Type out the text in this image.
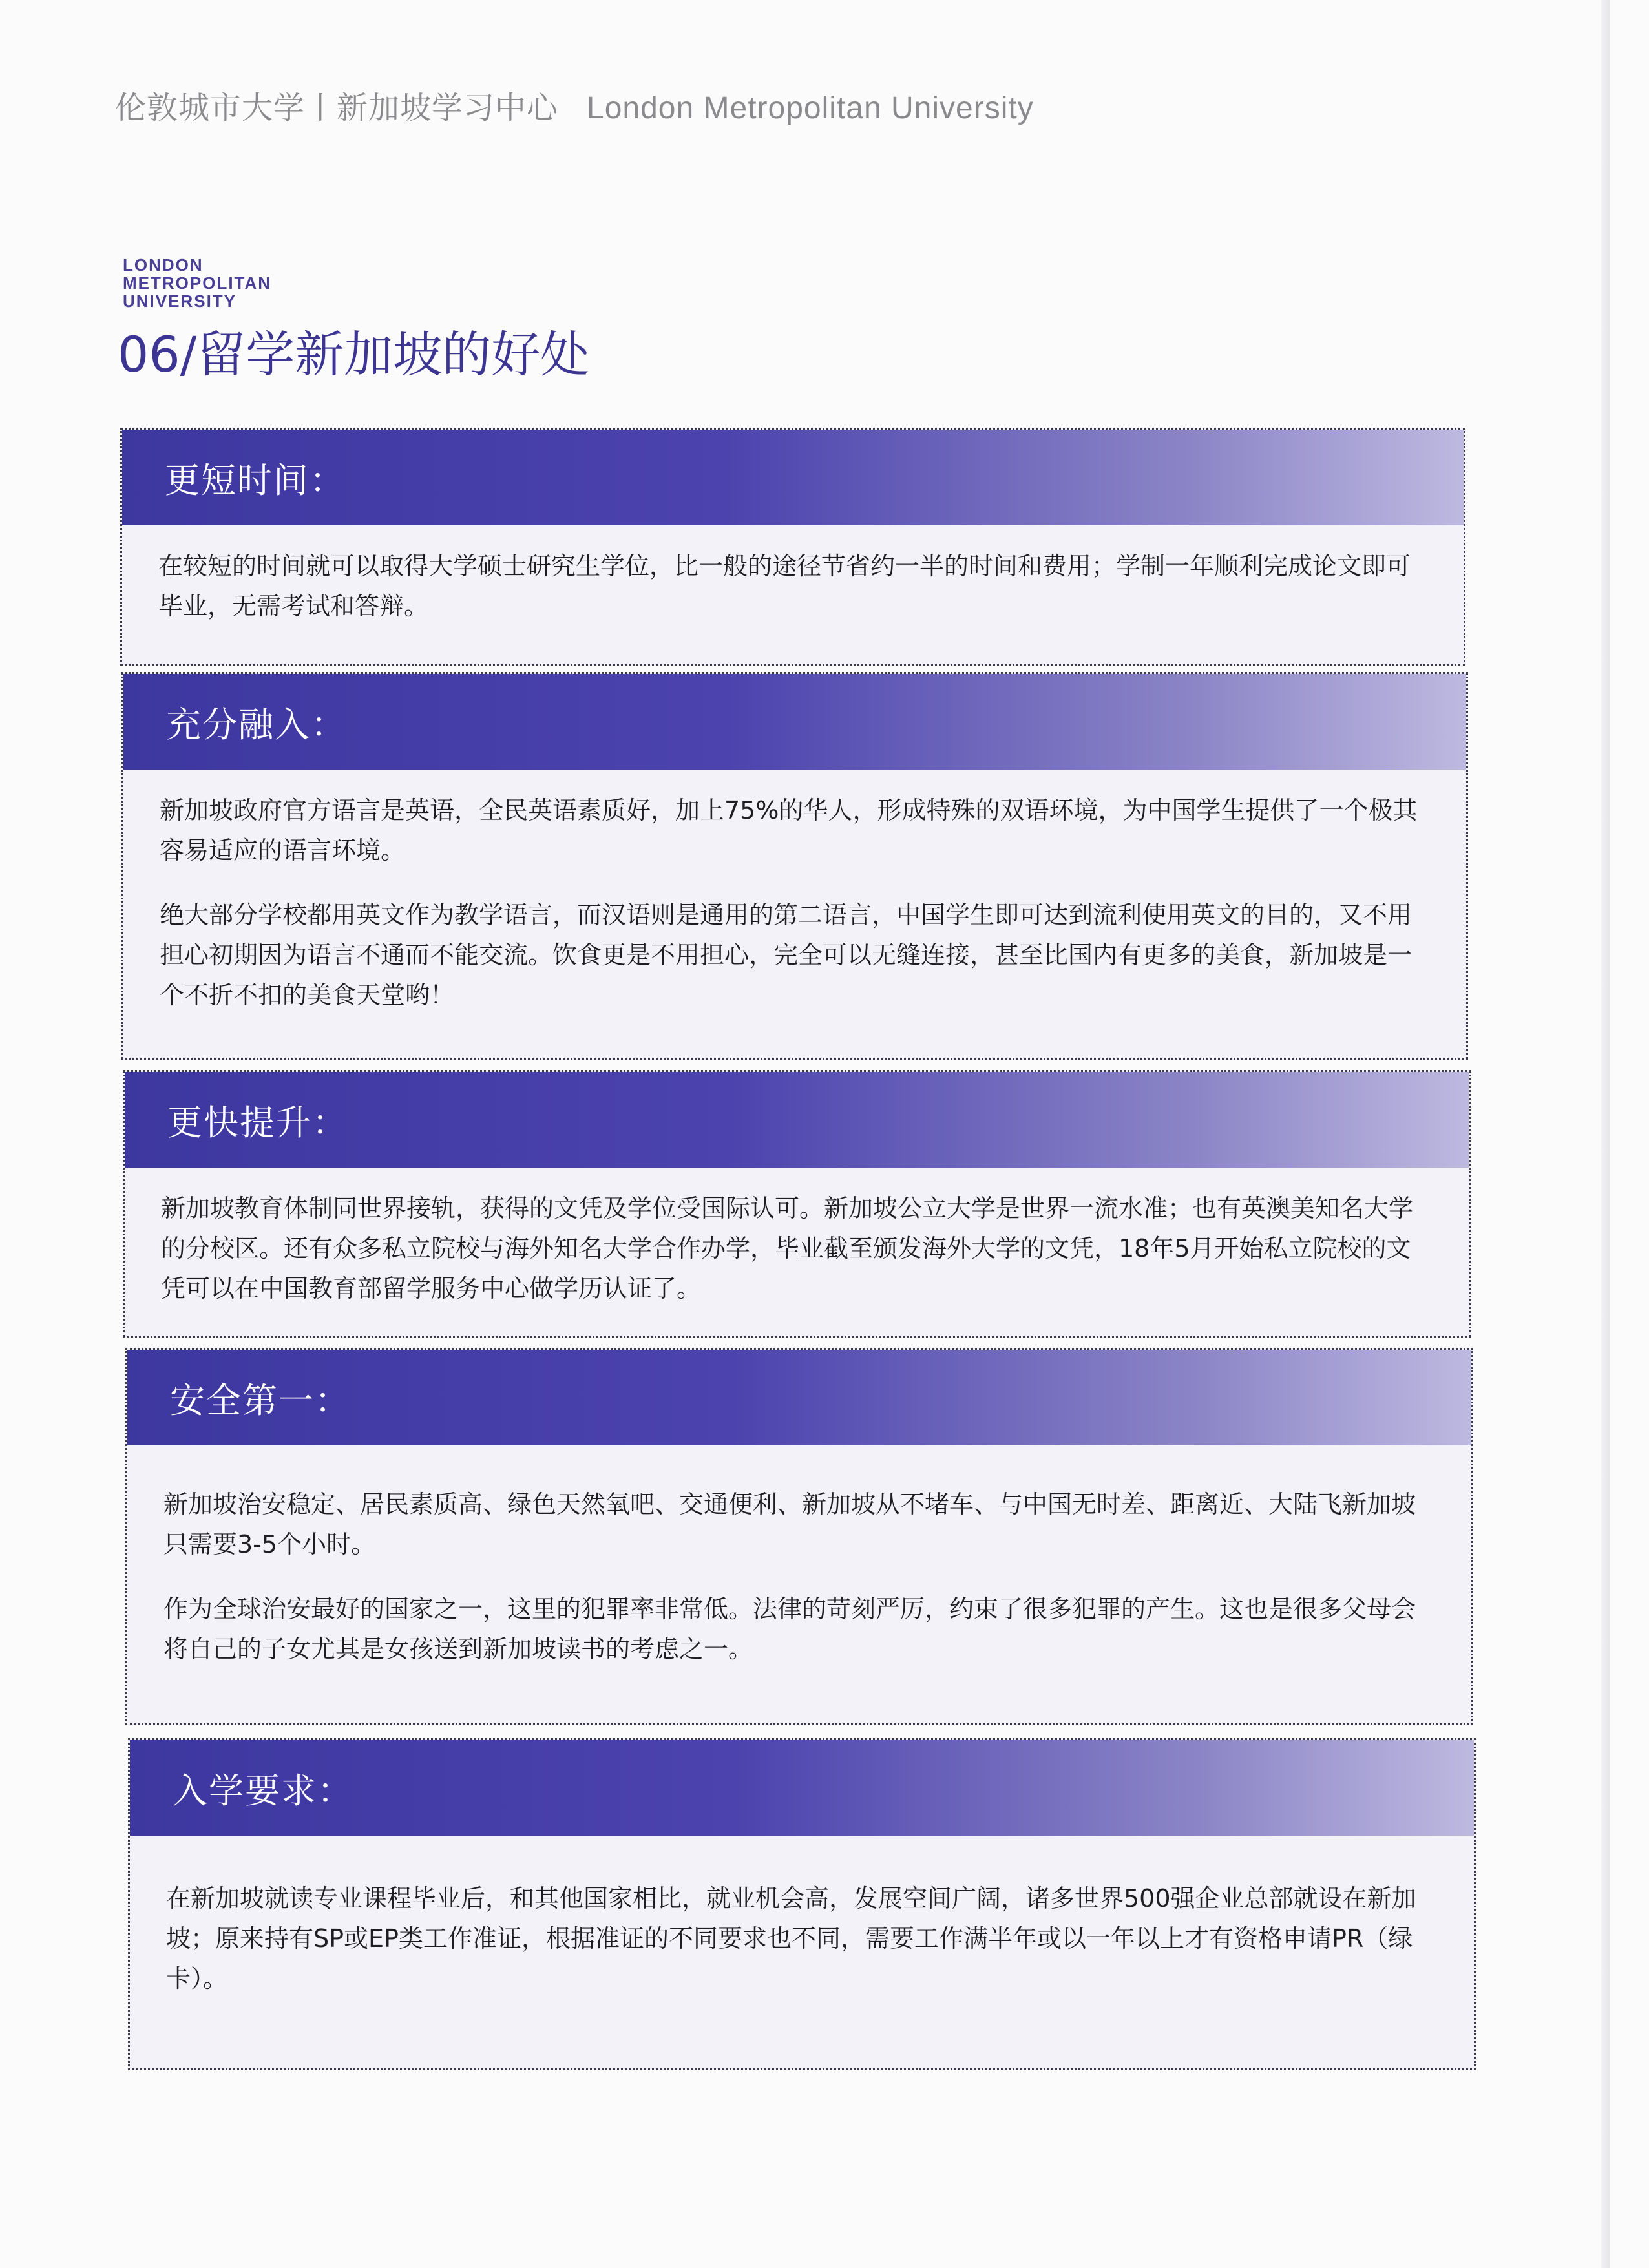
伦敦城市大学丨新加坡学习中心 London Metropolitan University
LONDON
METROPOLITAN
UNIVERSITY
06/留学新加坡的好处
更短时间：

在较短的时间就可以取得大学硕士研究生学位，比一般的途径节省约一半的时间和费用；学制一年顺利完成论文即可毕业，无需考试和答辩。

充分融入：

新加坡政府官方语言是英语，全民英语素质好，加上75%的华人，形成特殊的双语环境，为中国学生提供了一个极其容易适应的语言环境。

绝大部分学校都用英文作为教学语言，而汉语则是通用的第二语言，中国学生即可达到流利使用英文的目的，又不用担心初期因为语言不通而不能交流。饮食更是不用担心，完全可以无缝连接，甚至比国内有更多的美食，新加坡是一个不折不扣的美食天堂哟！

更快提升：

新加坡教育体制同世界接轨，获得的文凭及学位受国际认可。新加坡公立大学是世界一流水准；也有英澳美知名大学的分校区。还有众多私立院校与海外知名大学合作办学，毕业截至颁发海外大学的文凭，18年5月开始私立院校的文凭可以在中国教育部留学服务中心做学历认证了。

安全第一：

新加坡治安稳定、居民素质高、绿色天然氧吧、交通便利、新加坡从不堵车、与中国无时差、距离近、大陆飞新加坡只需要3-5个小时。

作为全球治安最好的国家之一，这里的犯罪率非常低。法律的苛刻严厉，约束了很多犯罪的产生。这也是很多父母会将自己的子女尤其是女孩送到新加坡读书的考虑之一。

入学要求：

在新加坡就读专业课程毕业后，和其他国家相比，就业机会高，发展空间广阔，诸多世界500强企业总部就设在新加坡；原来持有SP或EP类工作准证，根据准证的不同要求也不同，需要工作满半年或以一年以上才有资格申请PR（绿卡）。
